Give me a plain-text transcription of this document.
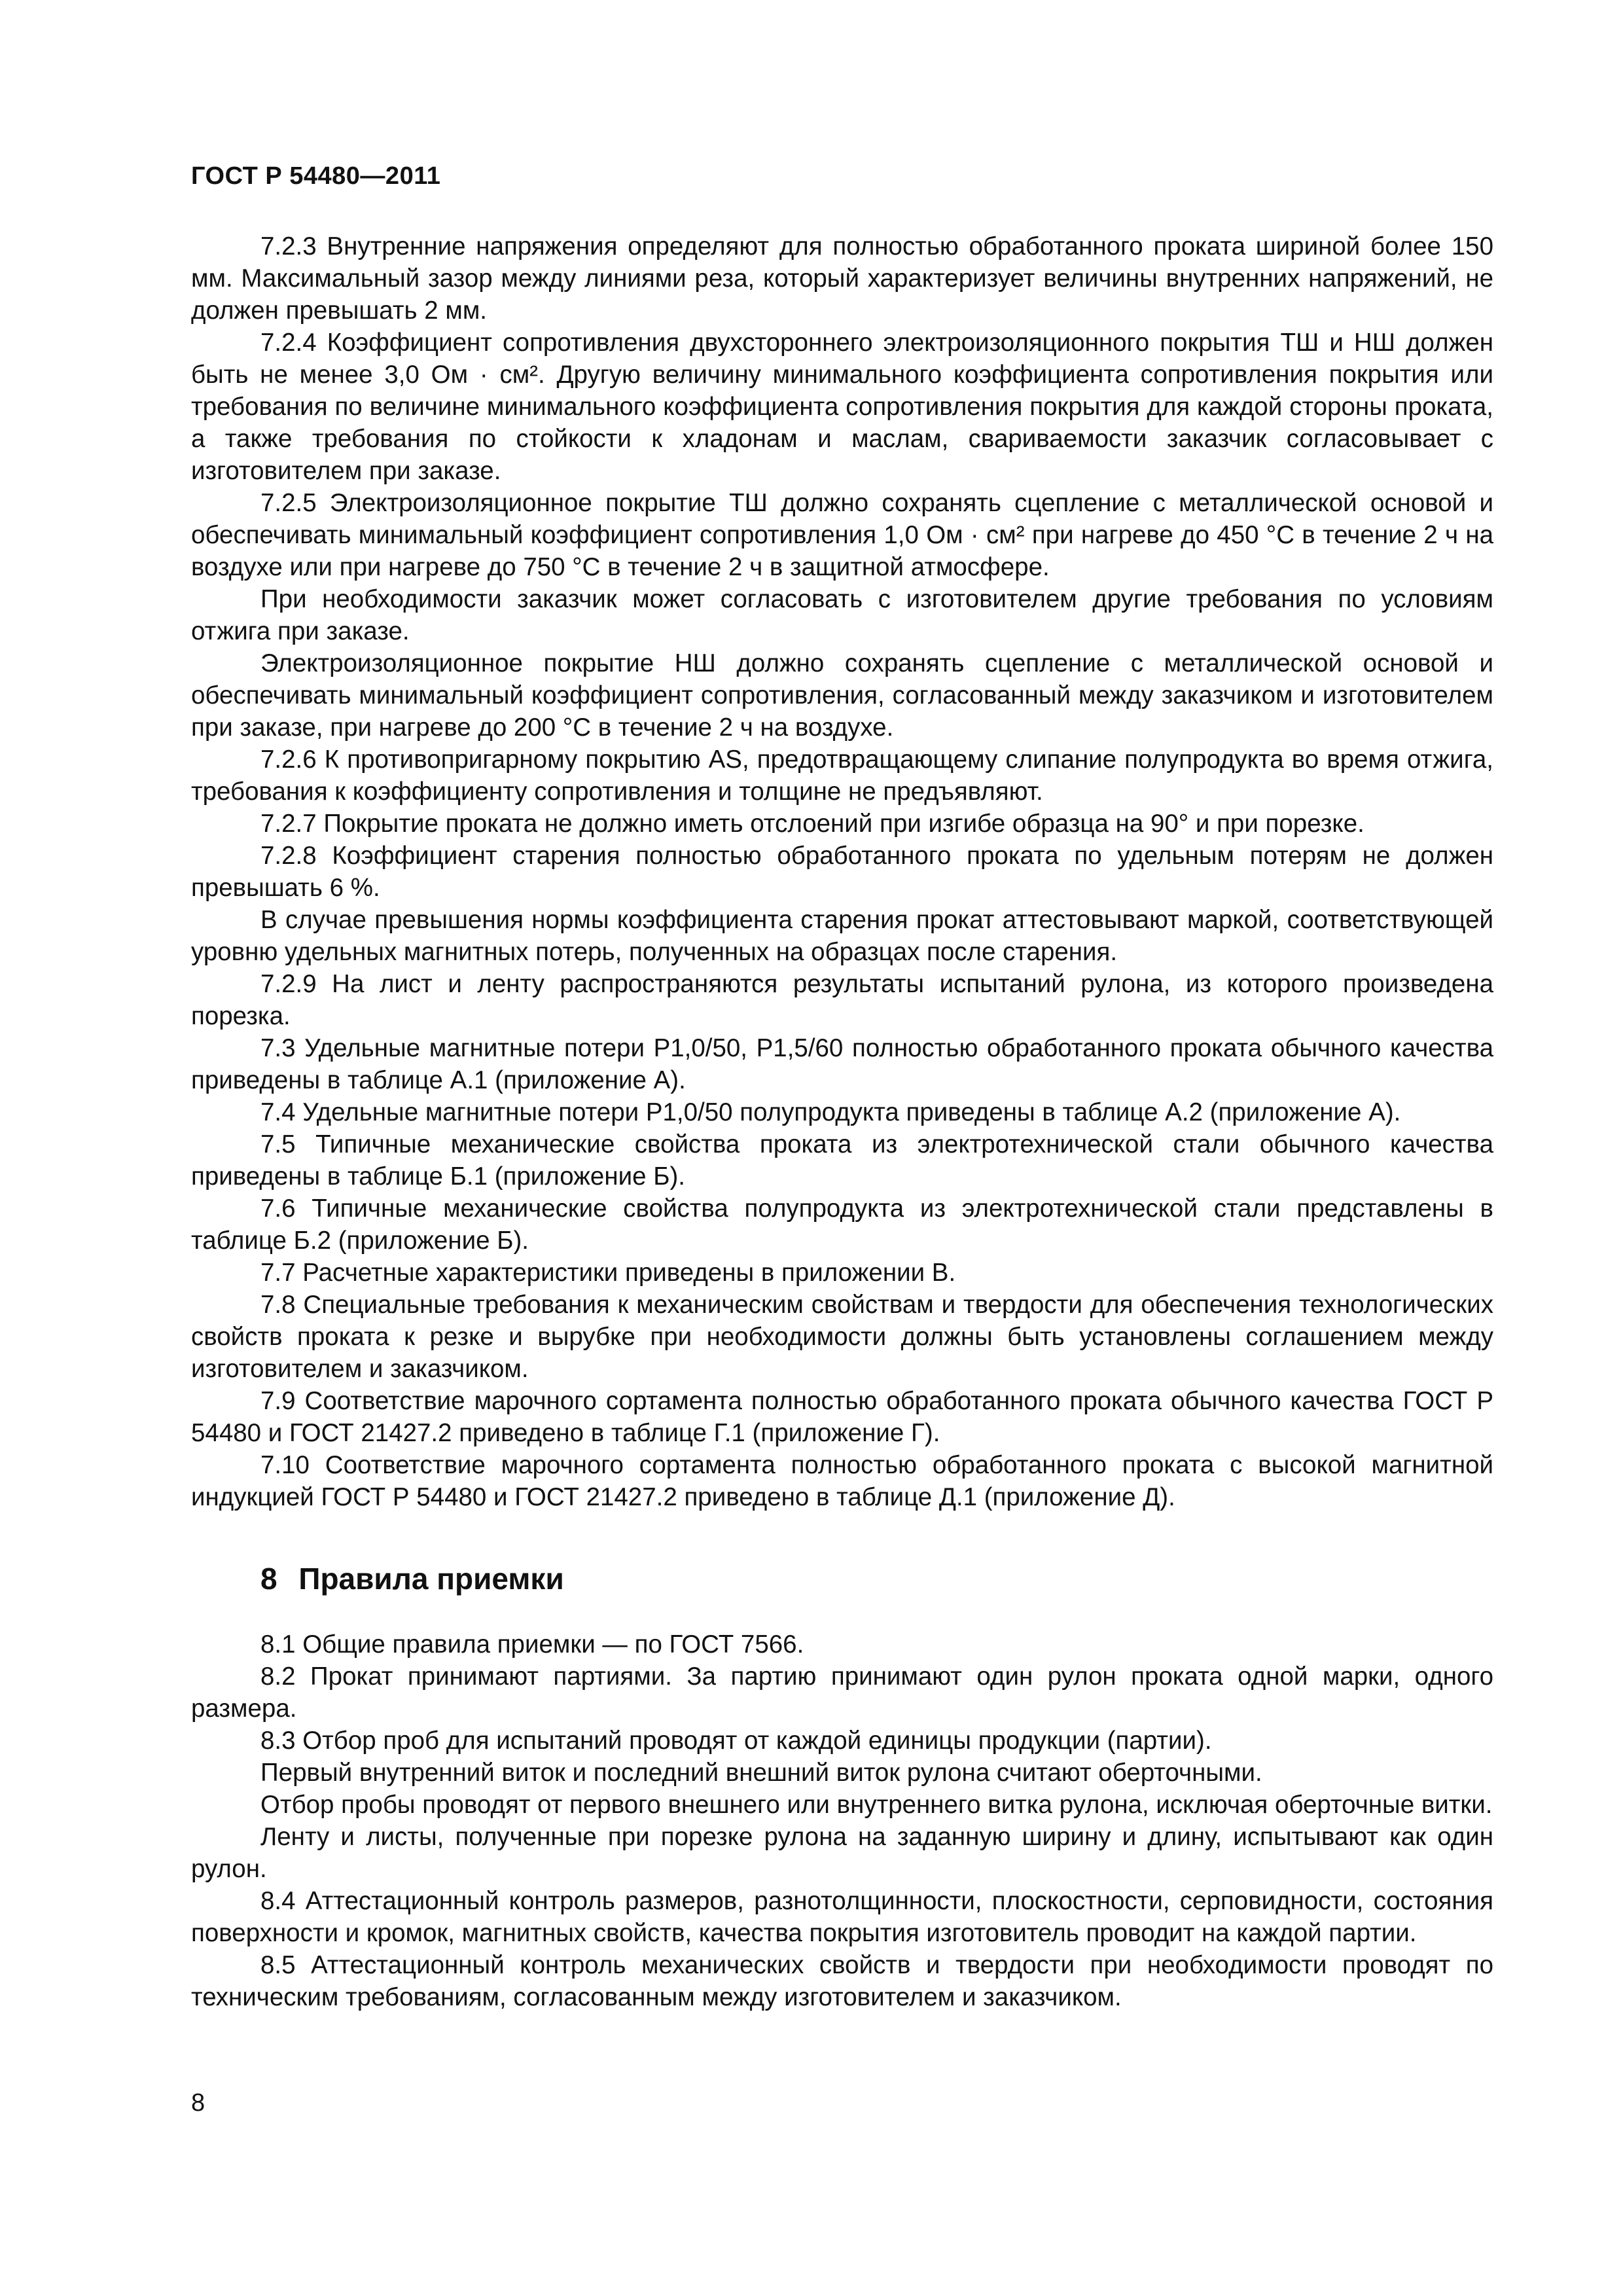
ГОСТ Р 54480—2011

7.2.3 Внутренние напряжения определяют для полностью обработанного проката шириной более 150 мм. Максимальный зазор между линиями реза, который характеризует величины внутренних напряжений, не должен превышать 2 мм.

7.2.4 Коэффициент сопротивления двухстороннего электроизоляционного покрытия ТШ и НШ должен быть не менее 3,0 Ом · см². Другую величину минимального коэффициента сопротивления покрытия или требования по величине минимального коэффициента сопротивления покрытия для каждой стороны проката, а также требования по стойкости к хладонам и маслам, свариваемости заказчик согласовывает с изготовителем при заказе.

7.2.5 Электроизоляционное покрытие ТШ должно сохранять сцепление с металлической основой и обеспечивать минимальный коэффициент сопротивления 1,0 Ом · см² при нагреве до 450 °С в течение 2 ч на воздухе или при нагреве до 750 °С в течение 2 ч в защитной атмосфере.

При необходимости заказчик может согласовать с изготовителем другие требования по условиям отжига при заказе.

Электроизоляционное покрытие НШ должно сохранять сцепление с металлической основой и обеспечивать минимальный коэффициент сопротивления, согласованный между заказчиком и изготовителем при заказе, при нагреве до 200 °С в течение 2 ч на воздухе.

7.2.6 К противопригарному покрытию AS, предотвращающему слипание полупродукта во время отжига, требования к коэффициенту сопротивления и толщине не предъявляют.

7.2.7 Покрытие проката не должно иметь отслоений при изгибе образца на 90° и при порезке.

7.2.8 Коэффициент старения полностью обработанного проката по удельным потерям не должен превышать 6 %.

В случае превышения нормы коэффициента старения прокат аттестовывают маркой, соответствующей уровню удельных магнитных потерь, полученных на образцах после старения.

7.2.9 На лист и ленту распространяются результаты испытаний рулона, из которого произведена порезка.

7.3 Удельные магнитные потери P1,0/50, P1,5/60 полностью обработанного проката обычного качества приведены в таблице А.1 (приложение А).

7.4 Удельные магнитные потери P1,0/50 полупродукта приведены в таблице А.2 (приложение А).

7.5 Типичные механические свойства проката из электротехнической стали обычного качества приведены в таблице Б.1 (приложение Б).

7.6 Типичные механические свойства полупродукта из электротехнической стали представлены в таблице Б.2 (приложение Б).

7.7 Расчетные характеристики приведены в приложении В.

7.8 Специальные требования к механическим свойствам и твердости для обеспечения технологических свойств проката к резке и вырубке при необходимости должны быть установлены соглашением между изготовителем и заказчиком.

7.9 Соответствие марочного сортамента полностью обработанного проката обычного качества ГОСТ Р 54480 и ГОСТ 21427.2 приведено в таблице Г.1 (приложение Г).

7.10 Соответствие марочного сортамента полностью обработанного проката с высокой магнитной индукцией ГОСТ Р 54480 и ГОСТ 21427.2 приведено в таблице Д.1 (приложение Д).

8 Правила приемки

8.1 Общие правила приемки — по ГОСТ 7566.

8.2 Прокат принимают партиями. За партию принимают один рулон проката одной марки, одного размера.

8.3 Отбор проб для испытаний проводят от каждой единицы продукции (партии).

Первый внутренний виток и последний внешний виток рулона считают оберточными.

Отбор пробы проводят от первого внешнего или внутреннего витка рулона, исключая оберточные витки.

Ленту и листы, полученные при порезке рулона на заданную ширину и длину, испытывают как один рулон.

8.4 Аттестационный контроль размеров, разнотолщинности, плоскостности, серповидности, состояния поверхности и кромок, магнитных свойств, качества покрытия изготовитель проводит на каждой партии.

8.5 Аттестационный контроль механических свойств и твердости при необходимости проводят по техническим требованиям, согласованным между изготовителем и заказчиком.

8
